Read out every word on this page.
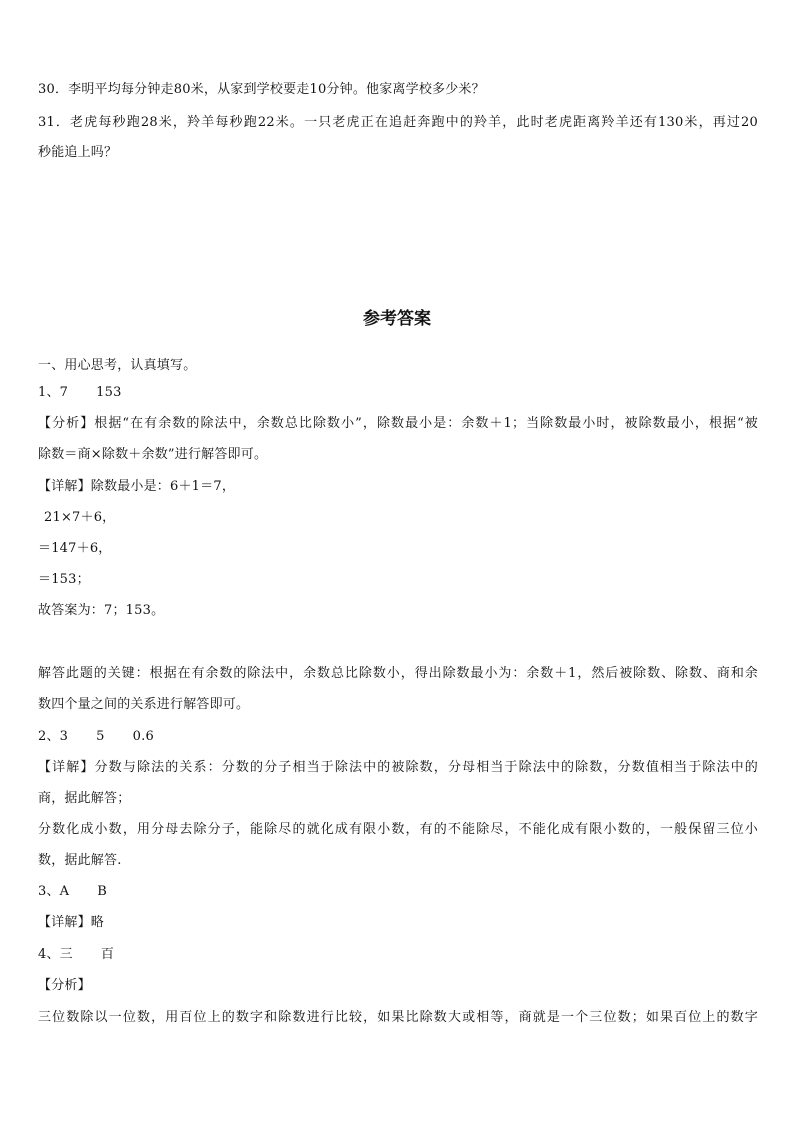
30．李明平均每分钟走80米，从家到学校要走10分钟。他家离学校多少米？
31．老虎每秒跑28米，羚羊每秒跑22米。一只老虎正在追赶奔跑中的羚羊，此时老虎距离羚羊还有130米，再过20
秒能追上吗？
参考答案
一、用心思考，认真填写。
1、7 153
【分析】根据“在有余数的除法中，余数总比除数小”，除数最小是：余数＋1；当除数最小时，被除数最小，根据“被
除数＝商×除数＋余数”进行解答即可。
【详解】除数最小是：6＋1＝7，
21×7＋6，
＝147＋6，
＝153；
故答案为：7；153。
解答此题的关键：根据在有余数的除法中，余数总比除数小，得出除数最小为：余数＋1，然后被除数、除数、商和余
数四个量之间的关系进行解答即可。
2、3 5 0.6
【详解】分数与除法的关系：分数的分子相当于除法中的被除数，分母相当于除法中的除数，分数值相当于除法中的
商，据此解答；
分数化成小数，用分母去除分子，能除尽的就化成有限小数，有的不能除尽，不能化成有限小数的，一般保留三位小
数，据此解答.
3、A B
【详解】略
4、三 百
【分析】
三位数除以一位数，用百位上的数字和除数进行比较，如果比除数大或相等，商就是一个三位数；如果百位上的数字
